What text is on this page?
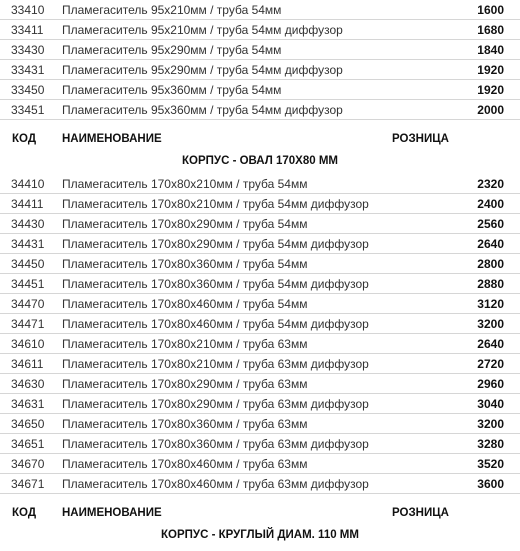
33410 Пламегаситель 95x210мм / труба 54мм	1600
33411 Пламегаситель 95x210мм / труба 54мм диффузор	1680
33430 Пламегаситель 95x290мм / труба 54мм	1840
33431 Пламегаситель 95x290мм / труба 54мм диффузор	1920
33450 Пламегаситель 95x360мм / труба 54мм	1920
33451 Пламегаситель 95x360мм / труба 54мм диффузор	2000
КОД НАИМЕНОВАНИЕ	РОЗНИЦА
КОРПУС - ОВАЛ 170Х80 ММ
34410 Пламегаситель 170x80x210мм / труба 54мм	2320
34411 Пламегаситель 170x80x210мм / труба 54мм диффузор	2400
34430 Пламегаситель 170x80x290мм / труба 54мм	2560
34431 Пламегаситель 170x80x290мм / труба 54мм диффузор	2640
34450 Пламегаситель 170x80x360мм / труба 54мм	2800
34451 Пламегаситель 170x80x360мм / труба 54мм диффузор	2880
34470 Пламегаситель 170x80x460мм / труба 54мм	3120
34471 Пламегаситель 170x80x460мм / труба 54мм диффузор	3200
34610 Пламегаситель 170x80x210мм / труба 63мм	2640
34611 Пламегаситель 170x80x210мм / труба 63мм диффузор	2720
34630 Пламегаситель 170x80x290мм / труба 63мм	2960
34631 Пламегаситель 170x80x290мм / труба 63мм диффузор	3040
34650 Пламегаситель 170x80x360мм / труба 63мм	3200
34651 Пламегаситель 170x80x360мм / труба 63мм диффузор	3280
34670 Пламегаситель 170x80x460мм / труба 63мм	3520
34671 Пламегаситель 170x80x460мм / труба 63мм диффузор	3600
КОД НАИМЕНОВАНИЕ	РОЗНИЦА
КОРПУС - КРУГЛЫЙ ДИАМ. 110 ММ
